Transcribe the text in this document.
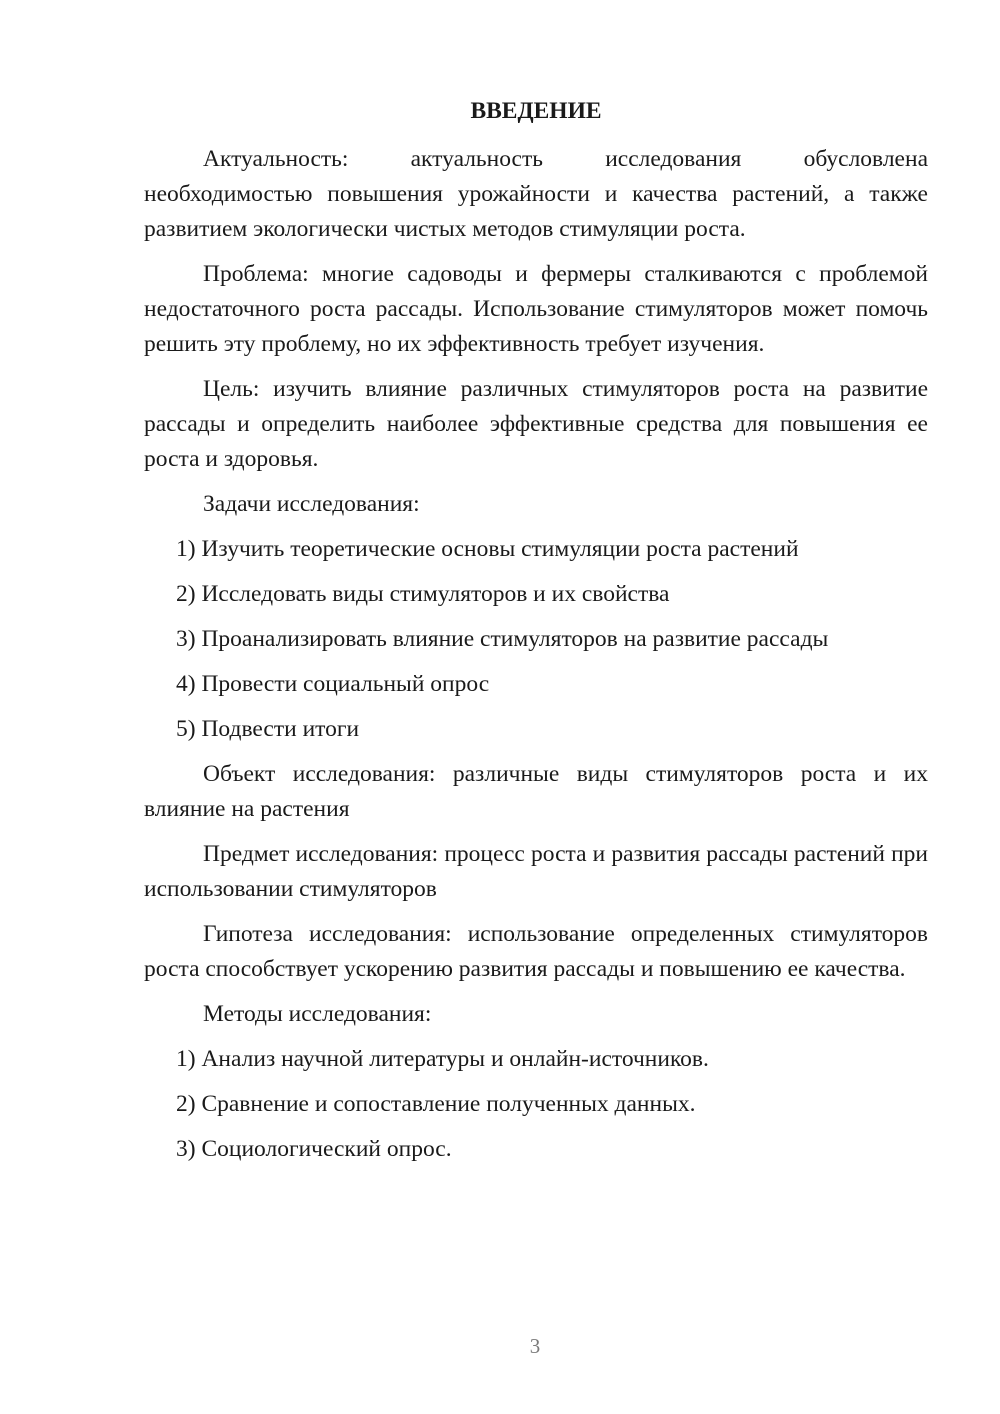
ВВЕДЕНИЕ

Актуальность: актуальность исследования обусловлена необходимостью повышения урожайности и качества растений, а также развитием экологически чистых методов стимуляции роста.

Проблема: многие садоводы и фермеры сталкиваются с проблемой недостаточного роста рассады. Использование стимуляторов может помочь решить эту проблему, но их эффективность требует изучения.

Цель: изучить влияние различных стимуляторов роста на развитие рассады и определить наиболее эффективные средства для повышения ее роста и здоровья.

Задачи исследования:

1) Изучить теоретические основы стимуляции роста растений

2) Исследовать виды стимуляторов и их свойства

3) Проанализировать влияние стимуляторов на развитие рассады

4) Провести социальный опрос

5) Подвести итоги

Объект исследования: различные виды стимуляторов роста и их влияние на растения

Предмет исследования: процесс роста и развития рассады растений при использовании стимуляторов

Гипотеза исследования: использование определенных стимуляторов роста способствует ускорению развития рассады и повышению ее качества.

Методы исследования:

1) Анализ научной литературы и онлайн-источников.

2) Сравнение и сопоставление полученных данных.

3) Социологический опрос.

3
